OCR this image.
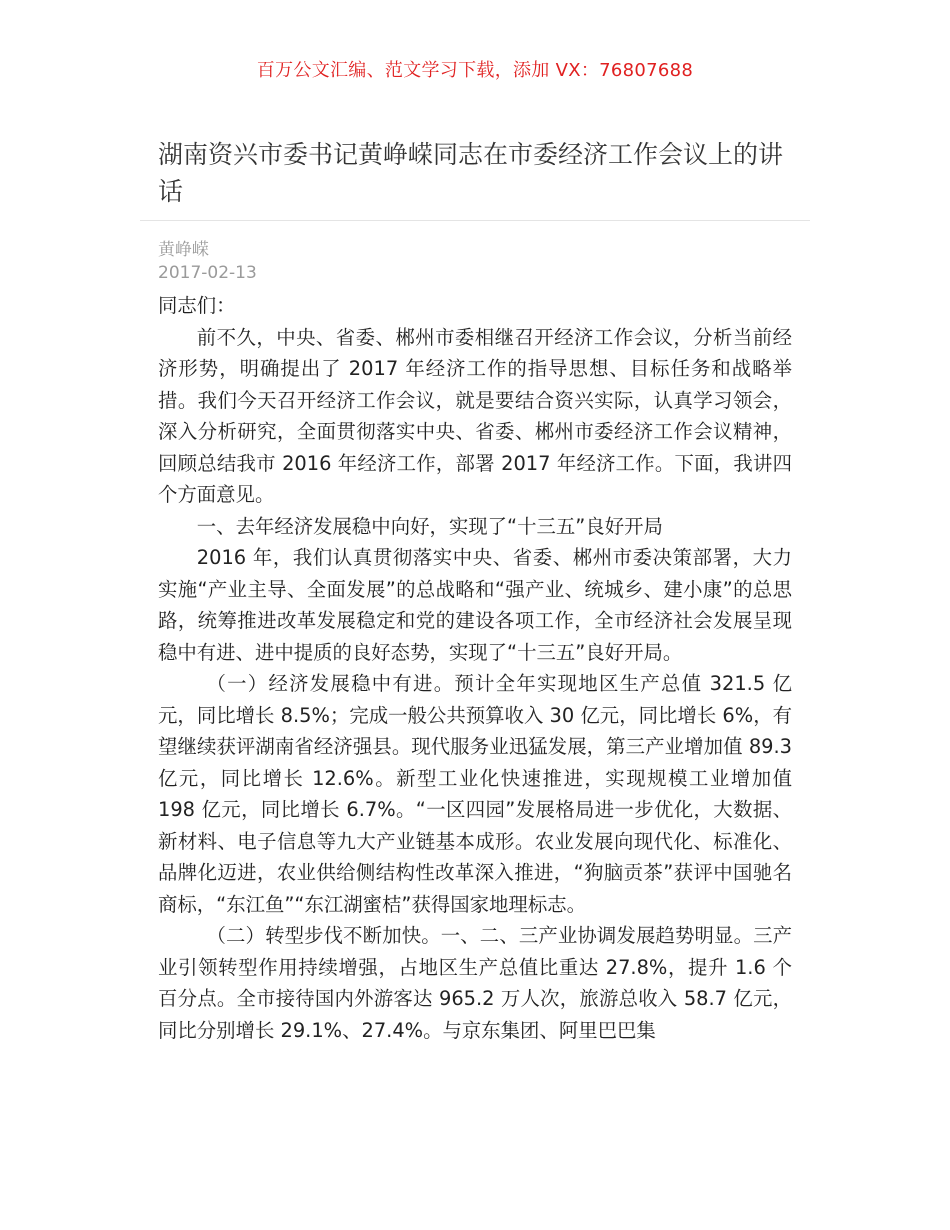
百万公文汇编、范文学习下载，添加 VX：76807688
湖南资兴市委书记黄峥嵘同志在市委经济工作会议上的讲话
黄峥嵘
2017-02-13

同志们：

前不久，中央、省委、郴州市委相继召开经济工作会议，分析当前经济形势，明确提出了 2017 年经济工作的指导思想、目标任务和战略举措。我们今天召开经济工作会议，就是要结合资兴实际，认真学习领会，深入分析研究，全面贯彻落实中央、省委、郴州市委经济工作会议精神，回顾总结我市 2016 年经济工作，部署 2017 年经济工作。下面，我讲四个方面意见。

一、去年经济发展稳中向好，实现了“十三五”良好开局

2016 年，我们认真贯彻落实中央、省委、郴州市委决策部署，大力实施“产业主导、全面发展”的总战略和“强产业、统城乡、建小康”的总思路，统筹推进改革发展稳定和党的建设各项工作，全市经济社会发展呈现稳中有进、进中提质的良好态势，实现了“十三五”良好开局。

（一）经济发展稳中有进。预计全年实现地区生产总值 321.5 亿元，同比增长 8.5%；完成一般公共预算收入 30 亿元，同比增长 6%，有望继续获评湖南省经济强县。现代服务业迅猛发展，第三产业增加值 89.3 亿元，同比增长 12.6%。新型工业化快速推进，实现规模工业增加值 198 亿元，同比增长 6.7%。“一区四园”发展格局进一步优化，大数据、新材料、电子信息等九大产业链基本成形。农业发展向现代化、标准化、品牌化迈进，农业供给侧结构性改革深入推进，“狗脑贡茶”获评中国驰名商标，“东江鱼”“东江湖蜜桔”获得国家地理标志。

（二）转型步伐不断加快。一、二、三产业协调发展趋势明显。三产业引领转型作用持续增强，占地区生产总值比重达 27.8%，提升 1.6 个百分点。全市接待国内外游客达 965.2 万人次，旅游总收入 58.7 亿元，同比分别增长 29.1%、27.4%。与京东集团、阿里巴巴集
